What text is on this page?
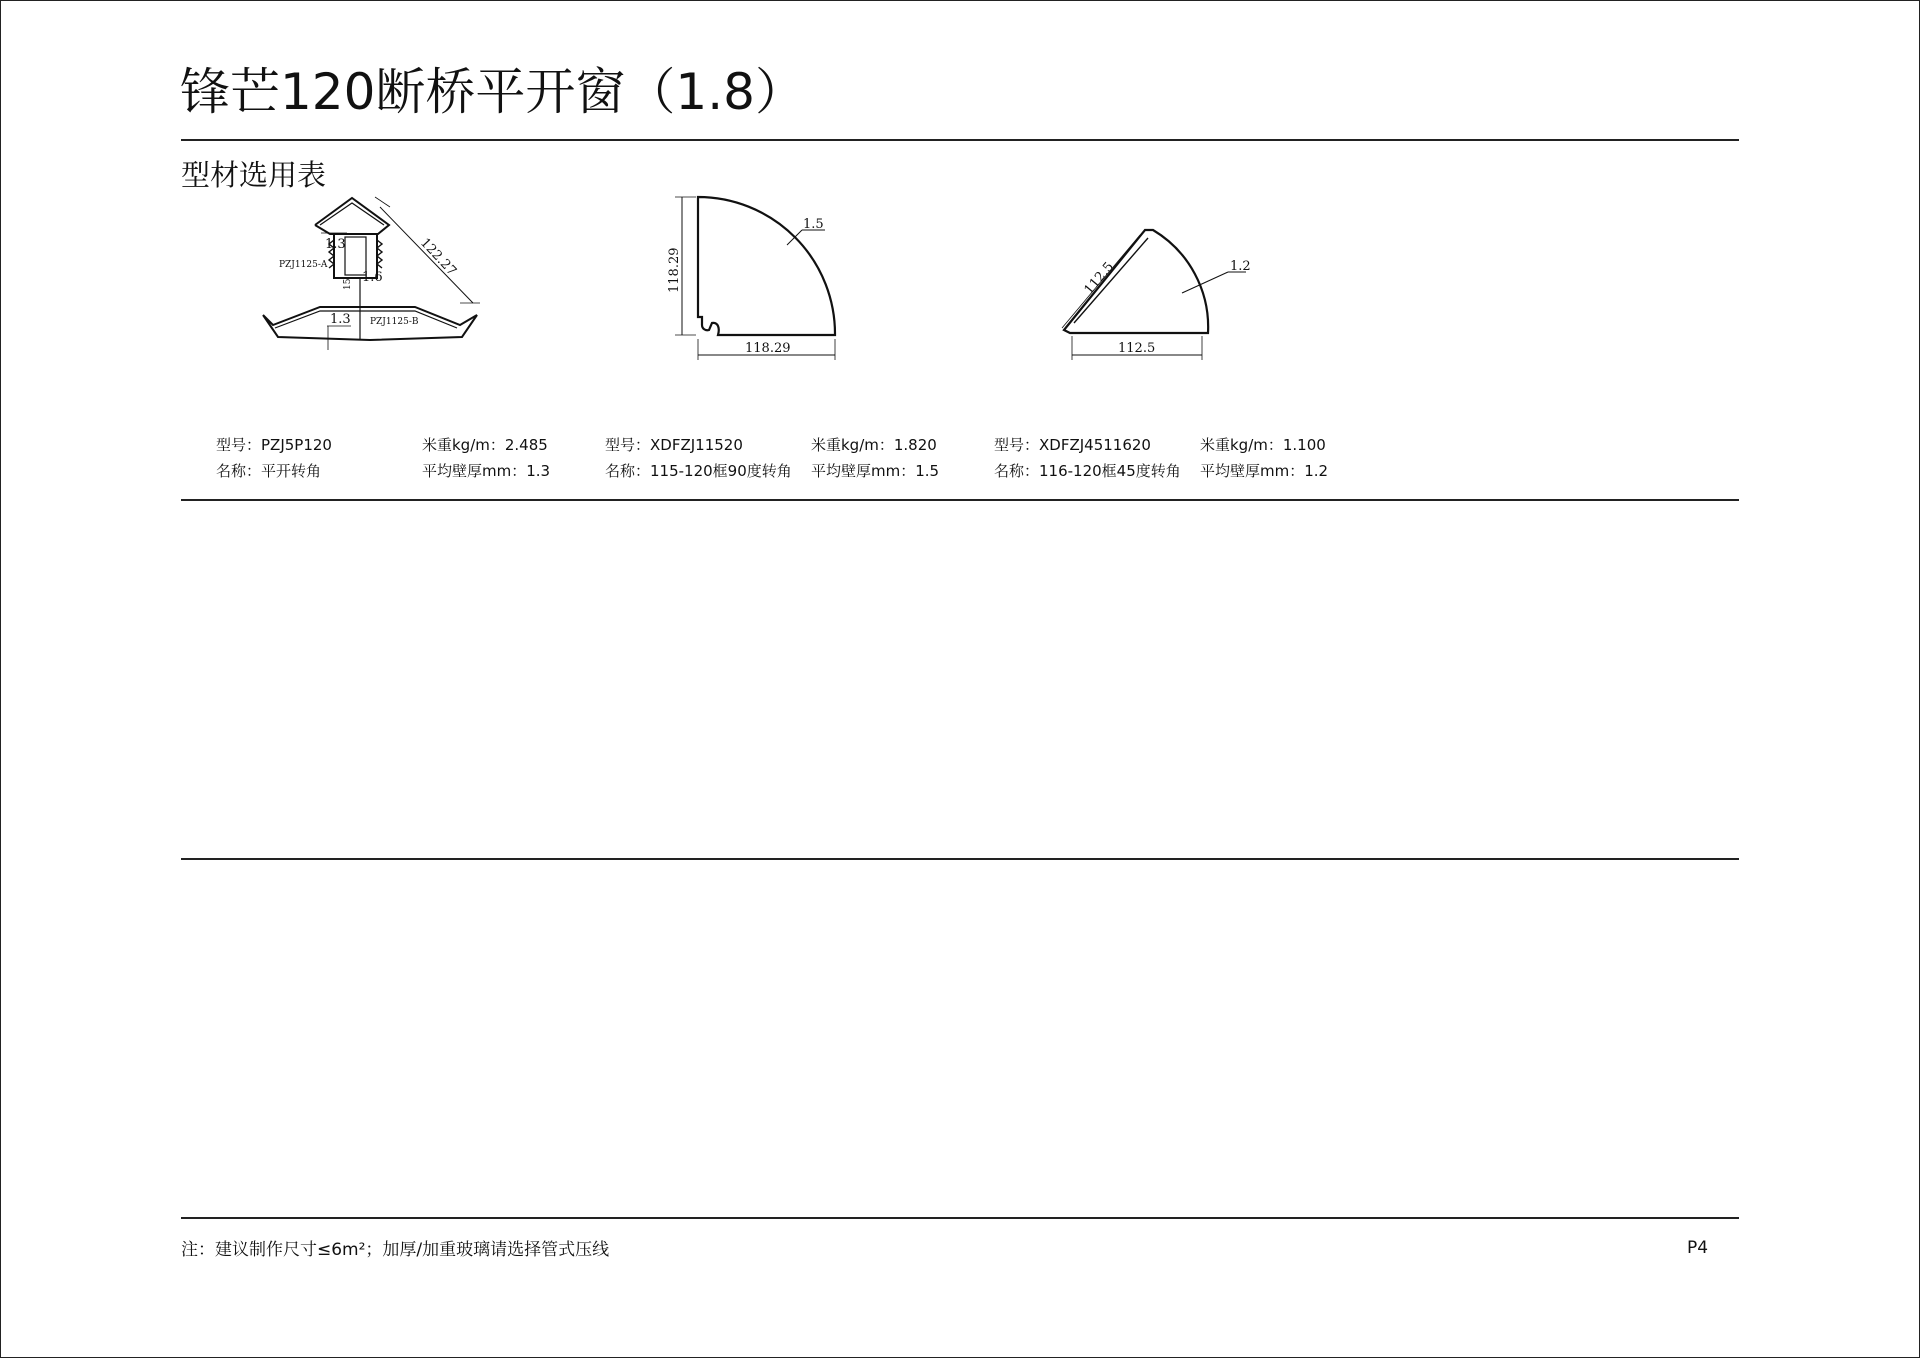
锋芒120断桥平开窗（1.8）
型材选用表
122.27
1.3
PZJ1125-A
1.6
15
1.3 PZJ1125-B
118.29
118.29
1.5
112.5
112.5
1.2
型号：PZJ5P120	米重kg/m：2.485
名称：平开转角	平均壁厚mm：1.3
型号：XDFZJ11520	米重kg/m：1.820
名称：115-120框90度转角 平均壁厚mm：1.5
型号：XDFZJ4511620	米重kg/m：1.100
名称：116-120框45度转角 平均壁厚mm：1.2
注：建议制作尺寸≤6m²；加厚/加重玻璃请选择管式压线	P4
